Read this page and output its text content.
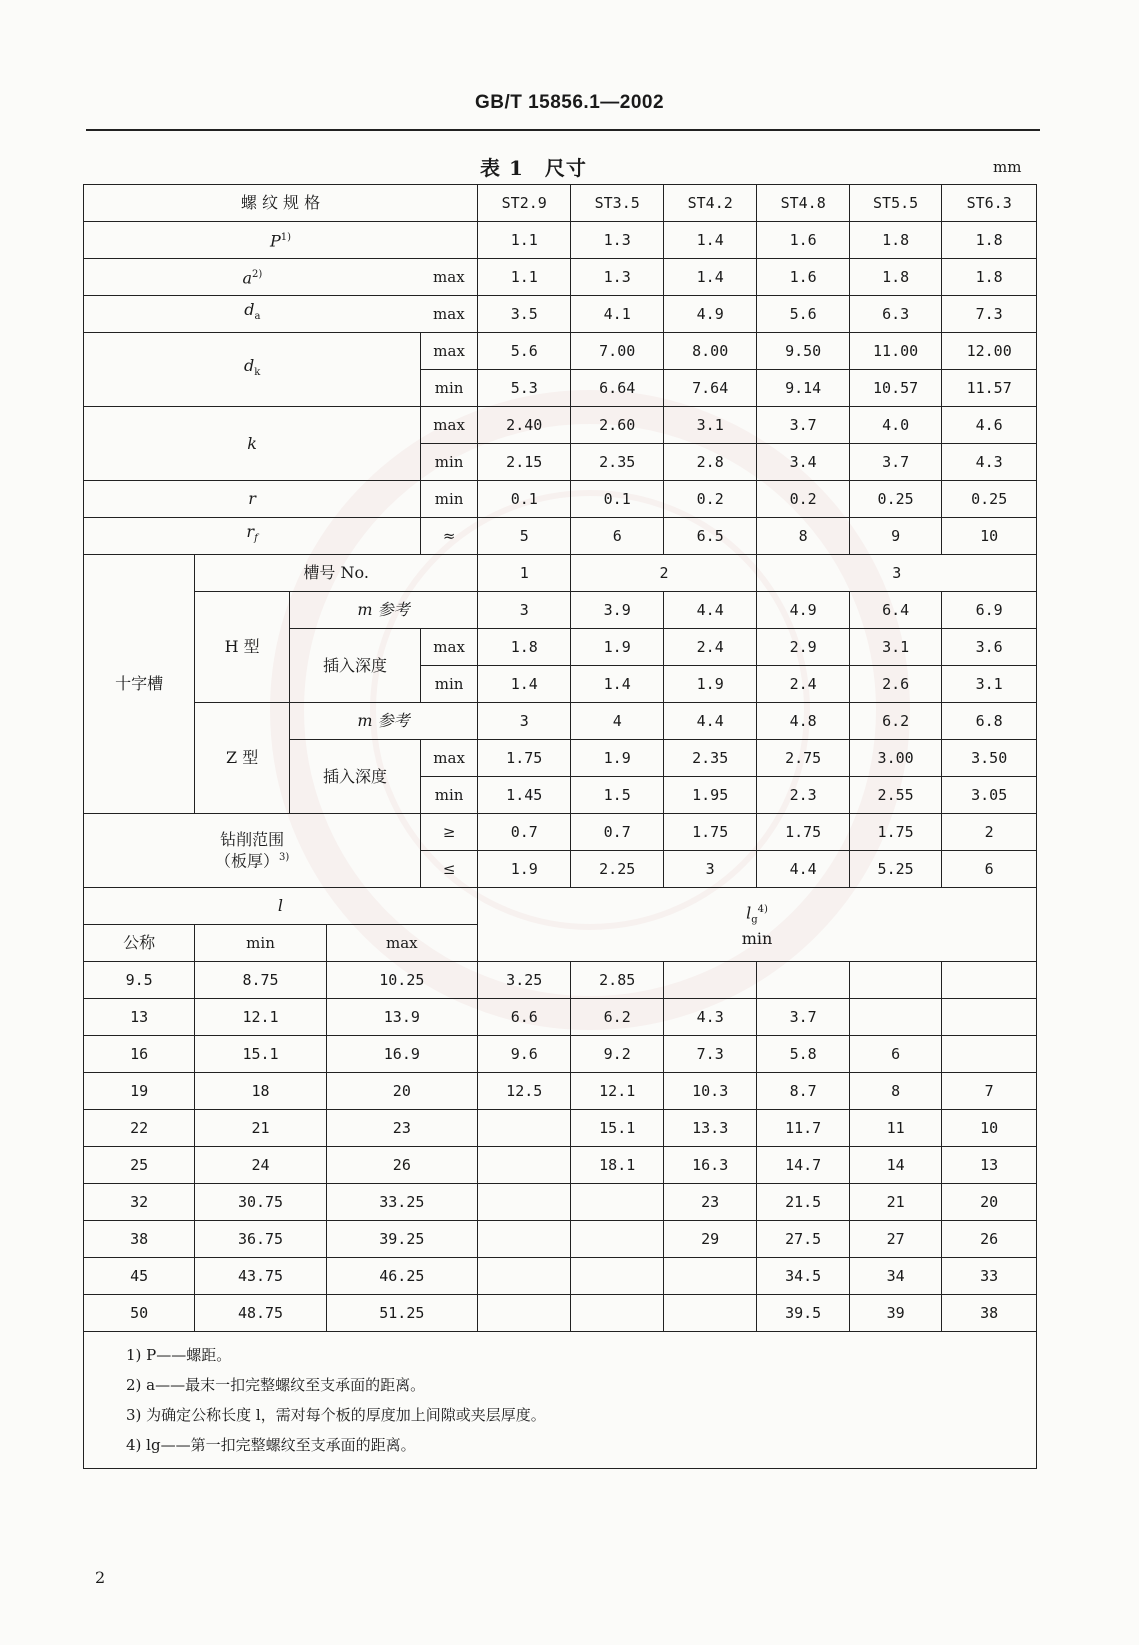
GB/T 15856.1—2002
表 1　尺寸	mm
螺 纹 规 格					ST2.9	ST3.5	ST4.2	ST4.8	ST5.5	ST6.3
$P^{1)}$					1.1	1.3	1.4	1.6	1.8	1.8
$a^{2)}$				max	1.1	1.3	1.4	1.6	1.8	1.8
$d_a$				max	3.5	4.1	4.9	5.6	6.3	7.3
$d_k$				max	5.6	7.00	8.00	9.50	11.00	12.00
				min	5.3	6.64	7.64	9.14	10.57	11.57
k				max	2.40	2.60	3.1	3.7	4.0	4.6
				min	2.15	2.35	2.8	3.4	3.7	4.3
r				min	0.1	0.1	0.2	0.2	0.25	0.25
$r_f$				≈	5	6	6.5	8	9	10
十字槽	槽号 No.				1	2		3		
	H 型	m 参考			3	3.9	4.4	4.9	6.4	6.9
		插入深度		max	1.8	1.9	2.4	2.9	3.1	3.6
				min	1.4	1.4	1.9	2.4	2.6	3.1
	Z 型	m 参考			3	4	4.4	4.8	6.2	6.8
		插入深度		max	1.75	1.9	2.35	2.75	3.00	3.50
				min	1.45	1.5	1.95	2.3	2.55	3.05
钻削范围
（板厚）$^{3)}$				≥	0.7	0.7	1.75	1.75	1.75	2
				≤	1.9	2.25	3	4.4	5.25	6
l					$l_g^{4)}$
min					
公称	min		max							
9.5	8.75		10.25		3.25	2.85				
13	12.1		13.9		6.6	6.2	4.3	3.7		
16	15.1		16.9		9.6	9.2	7.3	5.8	6	
19	18		20		12.5	12.1	10.3	8.7	8	7
22	21		23			15.1	13.3	11.7	11	10
25	24		26			18.1	16.3	14.7	14	13
32	30.75		33.25				23	21.5	21	20
38	36.75		39.25				29	27.5	27	26
45	43.75		46.25					34.5	34	33
50	48.75		51.25					39.5	39	38

1) P——螺距。
2) a——最末一扣完整螺纹至支承面的距离。
3) 为确定公称长度 l，需对每个板的厚度加上间隙或夹层厚度。
4) lg——第一扣完整螺纹至支承面的距离。										
2
